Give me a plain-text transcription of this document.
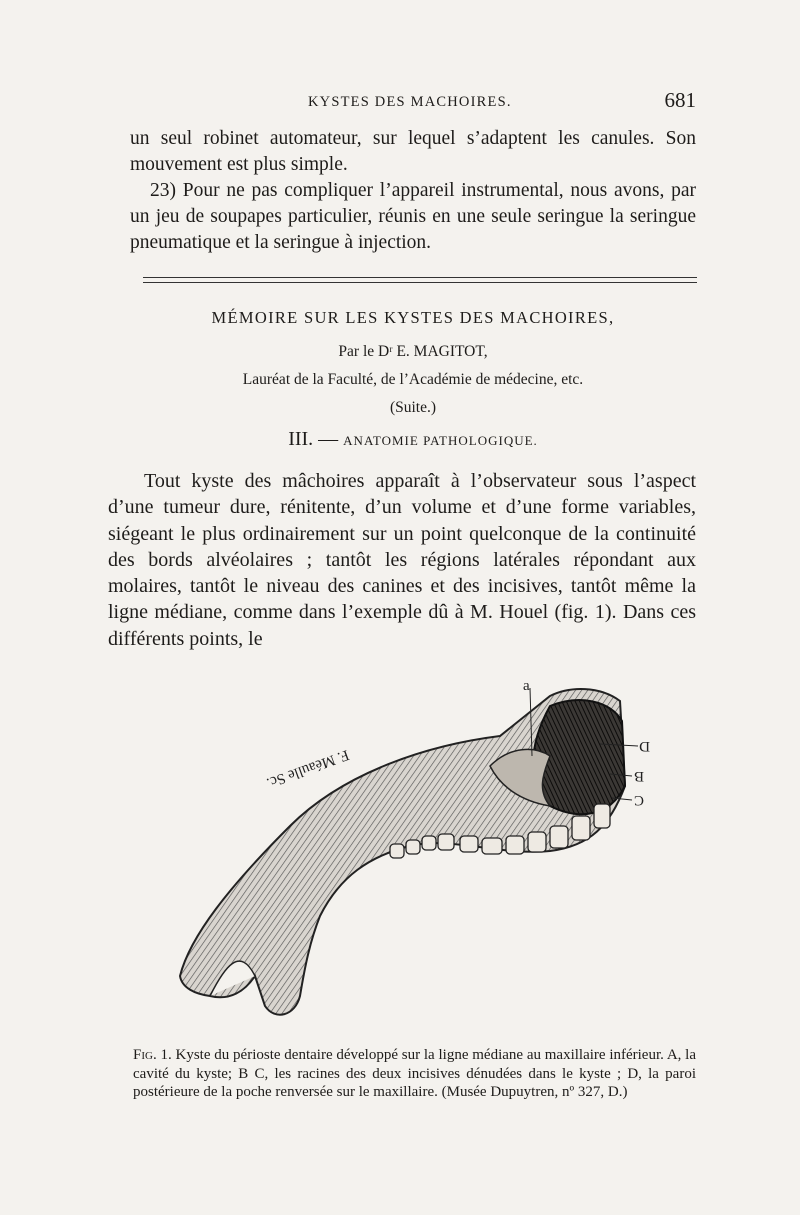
KYSTES DES MACHOIRES.	681

un seul robinet automateur, sur lequel s’adaptent les canules. Son mouvement est plus simple.

23) Pour ne pas compliquer l’appareil instrumental, nous avons, par un jeu de soupapes particulier, réunis en une seule seringue la seringue pneumatique et la seringue à injection.

MÉMOIRE SUR LES KYSTES DES MACHOIRES,
Par le Dʳ E. MAGITOT,
Lauréat de la Faculté, de l’Académie de médecine, etc.
(Suite.)
III. — ANATOMIE PATHOLOGIQUE.

Tout kyste des mâchoires apparaît à l’observateur sous l’aspect d’une tumeur dure, rénitente, d’un volume et d’une forme variables, siégeant le plus ordinairement sur un point quelconque de la continuité des bords alvéolaires ; tantôt les régions latérales répondant aux molaires, tantôt le niveau des canines et des incisives, tantôt même la ligne médiane, comme dans l’exemple dû à M. Houel (fig. 1). Dans ces différents points, le

a
D
B
C
F. Méaulle Sc.

Fig. 1. Kyste du périoste dentaire développé sur la ligne médiane au maxillaire inférieur. A, la cavité du kyste; B C, les racines des deux incisives dénudées dans le kyste ; D, la paroi postérieure de la poche renversée sur le maxillaire. (Musée Dupuytren, nº 327, D.)
